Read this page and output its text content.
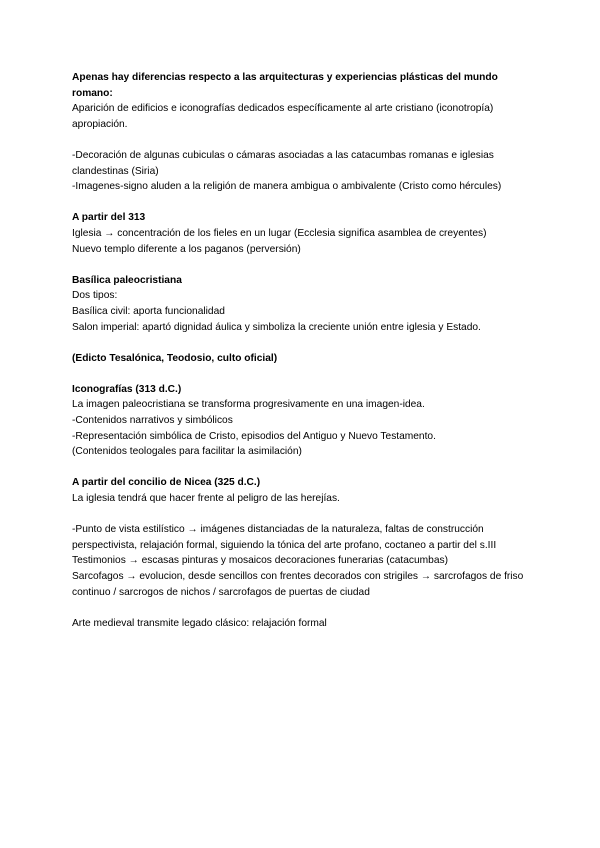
Apenas hay diferencias respecto a las arquitecturas y experiencias plásticas del mundo romano:

Aparición de edificios e iconografías dedicados específicamente al arte cristiano (iconotropía) apropiación.

-Decoración de algunas cubiculas o cámaras asociadas a las catacumbas romanas e iglesias clandestinas (Siria)

-Imagenes-signo aluden a la religión de manera ambigua o ambivalente (Cristo como hércules)

A partir del 313

Iglesia → concentración de los fieles en un lugar (Ecclesia significa asamblea de creyentes)

Nuevo templo diferente a los paganos (perversión)

Basílica paleocristiana

Dos tipos:

Basílica civil: aporta funcionalidad

Salon imperial: apartó dignidad áulica y simboliza la creciente unión entre iglesia y Estado.

(Edicto Tesalónica, Teodosio, culto oficial)

Iconografías (313 d.C.)

La imagen paleocristiana se transforma progresivamente en una imagen-idea.

-Contenidos narrativos y simbólicos

-Representación simbólica de Cristo, episodios del Antiguo y Nuevo Testamento.

(Contenidos teologales para facilitar la asimilación)

A partir del concilio de Nicea (325 d.C.)

La iglesia tendrá que hacer frente al peligro de las herejías.

-Punto de vista estilístico → imágenes distanciadas de la naturaleza, faltas de construcción perspectivista, relajación formal, siguiendo la tónica del arte profano, coctaneo a partir del s.III

Testimonios → escasas pinturas y mosaicos decoraciones funerarias (catacumbas)

Sarcofagos → evolucion, desde sencillos con frentes decorados con strigiles → sarcrofagos de friso continuo / sarcrogos de nichos / sarcrofagos de puertas de ciudad

Arte medieval transmite legado clásico: relajación formal
